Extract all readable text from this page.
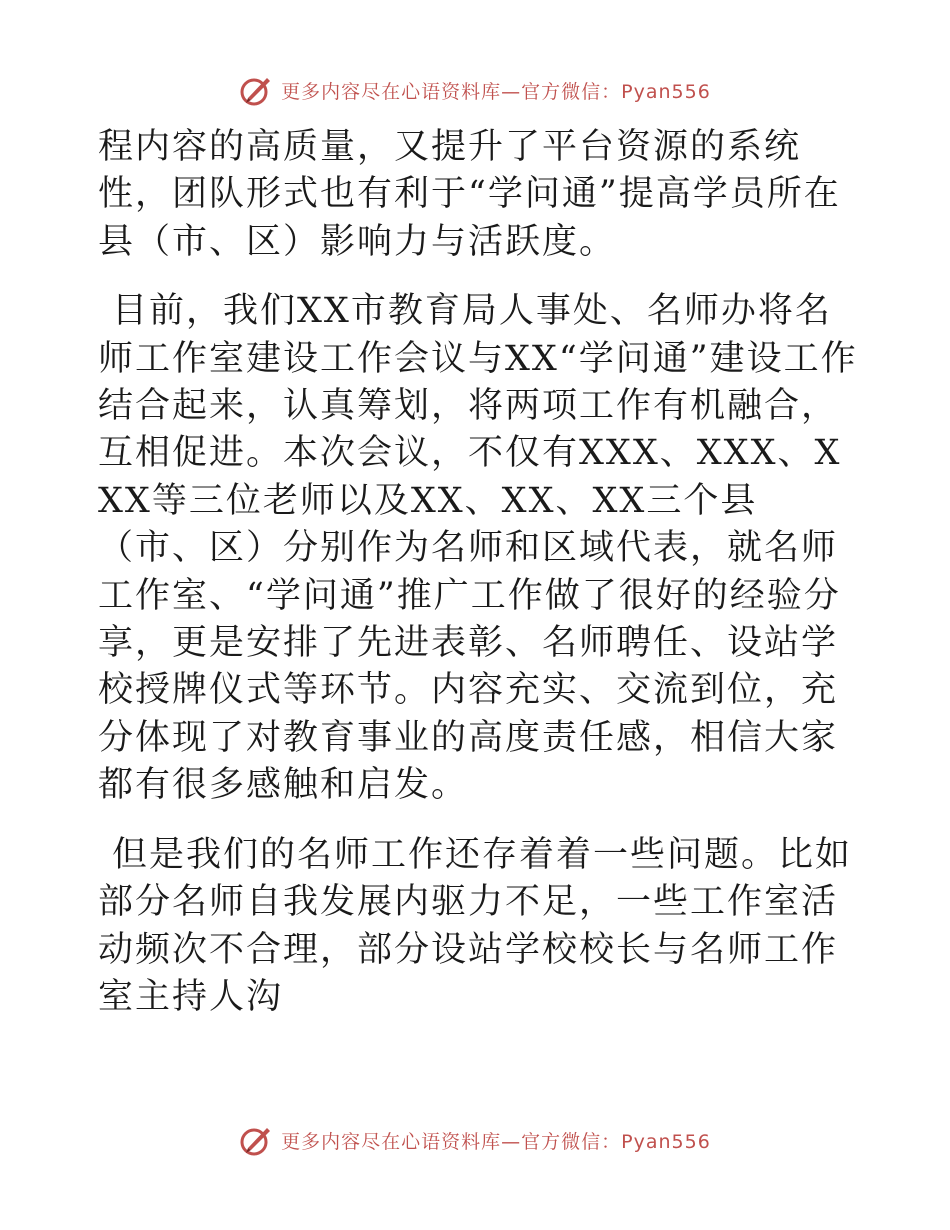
更多内容尽在心语资料库—官方微信：Pyan556

程内容的高质量，又提升了平台资源的系统性，团队形式也有利于“学问通”提高学员所在县（市、区）影响力与活跃度。

目前，我们XX市教育局人事处、名师办将名师工作室建设工作会议与XX“学问通”建设工作结合起来，认真筹划，将两项工作有机融合，互相促进。本次会议，不仅有XXX、XXX、XXX等三位老师以及XX、XX、XX三个县（市、区）分别作为名师和区域代表，就名师工作室、“学问通”推广工作做了很好的经验分享，更是安排了先进表彰、名师聘任、设站学校授牌仪式等环节。内容充实、交流到位，充分体现了对教育事业的高度责任感，相信大家都有很多感触和启发。

但是我们的名师工作还存着着一些问题。比如部分名师自我发展内驱力不足，一些工作室活动频次不合理，部分设站学校校长与名师工作室主持人沟

更多内容尽在心语资料库—官方微信：Pyan556
